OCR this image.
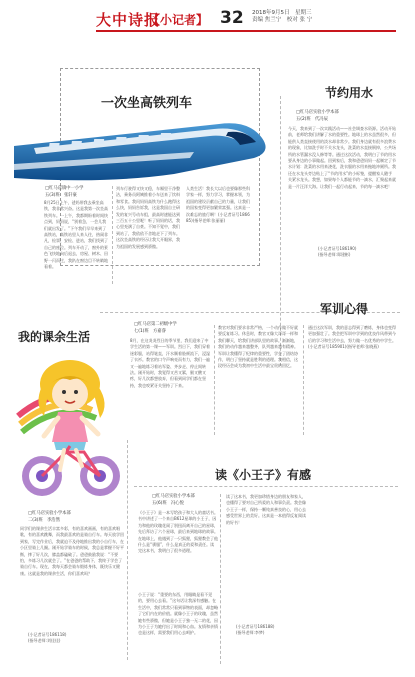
大中诗报
【小记者】 32 2018年9月5日　星期三
责编 焦兰宁　校对 张 宁
一次坐高铁列车
□红马店镇中一小学
五(3)班　张轩豪
8月25日上午，爸妈带我去乘坐高铁，我非常兴奋。这是我第一次坐高铁列车。一上午，我都期盼着时间快点到，妈妈说，“别着急，一会儿我们就出发了。”下午我们早早来到了高铁站，高铁站里人来人往，热闹非凡，检票、安检、进站，我们找到了自己的座位。列车开动了，窗外的景色飞快地向后退去，房屋、树木、田野一闪而过，我趴在窗边目不转睛地看着。
列车行驶得又快又稳，车厢里干净整洁，乘务员阿姨推着小车送来了饮料和零食。我问妈妈高铁为什么跑得这么快，妈妈告诉我，这是我国自主研发的复兴号动车组，最高时速能达到三百五十公里呢！听了妈妈的话，我心里充满了自豪。不知不觉中，我们到站了，我依依不舍地走下了列车。这次坐高铁的经历让我大开眼界，我为祖国的发展感到骄傲。
人类生活！我长大以后也要像那些科学家一样，努力学习，掌握本领，为祖国的建设贡献自己的力量，让我们的国家变得更加繁荣富强。这真是一次难忘的旅行啊！(小记者证号186685)(指导老师:张丽丽)
节约用水
□红马店实验小学本部
五(2)班　代冯辰
今天，我来到了一次实践活动——社会调查水资源。活动开始前，老师给我们讲解了水的重要性。地球上的水虽然很多，但能供人类直接使用的淡水却非常少。我们身边就有很多浪费水的现象，比如洗手时不关水龙头，洗菜的水直接倒掉，公共场所的水管漏水没人修等等。通过这次活动，我明白了节约用水要从身边的小事做起。回到家后，我和爸爸妈妈一起制定了节水计划：洗菜的水用来浇花，洗衣服的水用来拖地冲厕所。我还在水龙头旁边贴上了“节约用水”的小标签，提醒家人随手关紧水龙头。我想，如果每个人都能节约一滴水，汇聚起来就是一片汪洋大海。让我们一起行动起来，节约每一滴水吧！
(小记者证号186190)
(指导老师:郑建彬)
军训心得
□红马店第二初级中学
七(1)班　方嘉睿
8月，在这炎炎烈日的季节里，我们迎来了中学生活的第一课——军训。烈日下，我们穿着迷彩服，站得笔直，汗水顺着脸颊流下，浸湿了衣衫。教官的口令声响亮而有力，我们一遍又一遍地练习着站军姿、齐步走、停止间转法。刚开始时，我觉得又苦又累，腿又酸又疼，好几次都想放弃，但看到同学们都在坚持，我也咬紧牙关坚持了下来。
教官对我们要求非常严格，一个动作做不好就要反复练习。休息时，教官又像大哥哥一样和我们聊天，给我们讲部队里的故事。渐渐地，我们的动作越来越整齐，队列越来越有精神。军训让我懂得了纪律的重要性，学会了团结协作，明白了坚持就是胜利的道理。我相信，这段经历会成为我初中生活中最宝贵的回忆。
通过这次军训，我的意志得到了磨炼，身体也变得更加强壮了。我会把军训中学到的优良作风带到今后的学习和生活中去，努力做一名优秀的中学生。(小记者证号185901)(指导老师:张晓燕)
我的课余生活
□红马店实验小学本部
二(3)班　李浩然
同学们的课余生活丰富多彩，有的喜欢画画，有的喜欢唱歌，有的喜欢跳舞，而我最喜欢的是骑自行车。每天放学回到家，写完作业后，我就迫不及待地推出我的小自行车，在小区里骑上几圈。刚开始学骑车的时候，我总是掌握不好平衡，摔了好几次，膝盖都磕破了。爸爸鼓励我说：“不要怕，多练习几次就会了。”在爸爸的帮助下，我终于学会了骑自行车。现在，我每天都会骑车锻炼身体，既快乐又健康。这就是我的课余生活，你们喜欢吗？
(小记者证号186118)
(指导老师:刘佳佳)
读《小王子》有感
□红马店实验小学本部
五(6)班　冯心悦
《小王子》是一本写给孩子和大人的童话书。书中讲述了一个来自B612星球的小王子，因为和他的玫瑰花闹了别扭而离开自己的星球，先后拜访了六个星球，最后来到地球的故事。在地球上，他遇到了一只狐狸，狐狸教会了他什么是“驯服”，什么是真正的爱和责任。读完这本书，我明白了很多道理。
小王子说：“重要的东西，用眼睛是看不见的，要用心去看。”这句话让我深有感触。在生活中，我们常常只看到事物的表面，却忽略了它们内在的价值。就像小王子的玫瑰，虽然她有些骄傲，但她是小王子独一无二的花，因为小王子为她付出了时间和心血。友情和亲情也是这样，需要我们用心去呵护。
读了这本书，我更加珍惜身边的朋友和家人，也懂得了要对自己所爱的人和事负责。我会像小王子一样，保持一颗纯真善良的心，用心去感受世界上的美好。这真是一本值得反复阅读的好书！
(小记者证号186188)
(指导老师:李梦)
